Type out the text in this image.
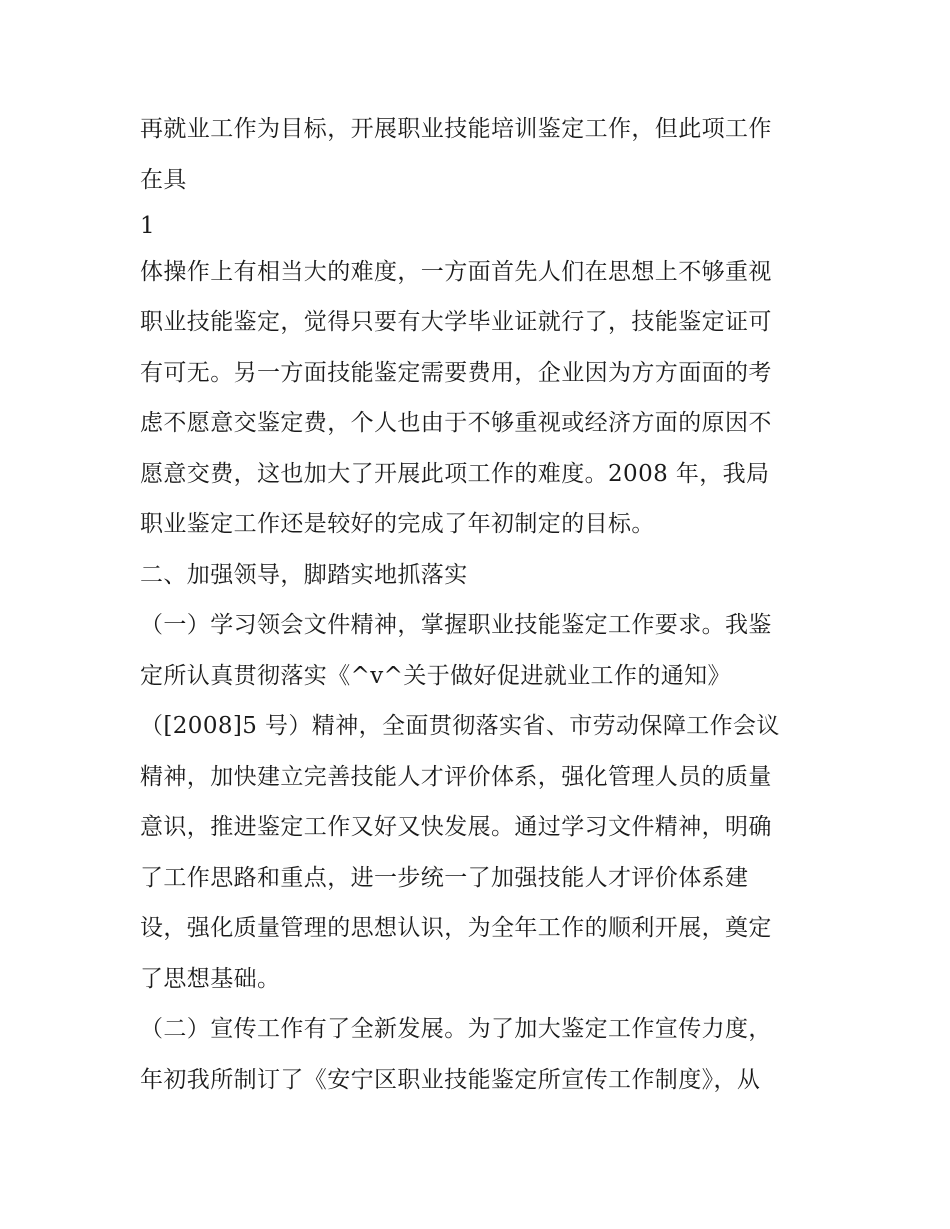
再就业工作为目标，开展职业技能培训鉴定工作，但此项工作
在具
1
体操作上有相当大的难度，一方面首先人们在思想上不够重视
职业技能鉴定，觉得只要有大学毕业证就行了，技能鉴定证可
有可无。另一方面技能鉴定需要费用，企业因为方方面面的考
虑不愿意交鉴定费，个人也由于不够重视或经济方面的原因不
愿意交费，这也加大了开展此项工作的难度。2008 年，我局
职业鉴定工作还是较好的完成了年初制定的目标。
二、加强领导，脚踏实地抓落实
（一）学习领会文件精神，掌握职业技能鉴定工作要求。我鉴
定所认真贯彻落实《^v^关于做好促进就业工作的通知》
（[2008]5 号）精神，全面贯彻落实省、市劳动保障工作会议
精神，加快建立完善技能人才评价体系，强化管理人员的质量
意识，推进鉴定工作又好又快发展。通过学习文件精神，明确
了工作思路和重点，进一步统一了加强技能人才评价体系建
设，强化质量管理的思想认识，为全年工作的顺利开展，奠定
了思想基础。
（二）宣传工作有了全新发展。为了加大鉴定工作宣传力度，
年初我所制订了《安宁区职业技能鉴定所宣传工作制度》，从
